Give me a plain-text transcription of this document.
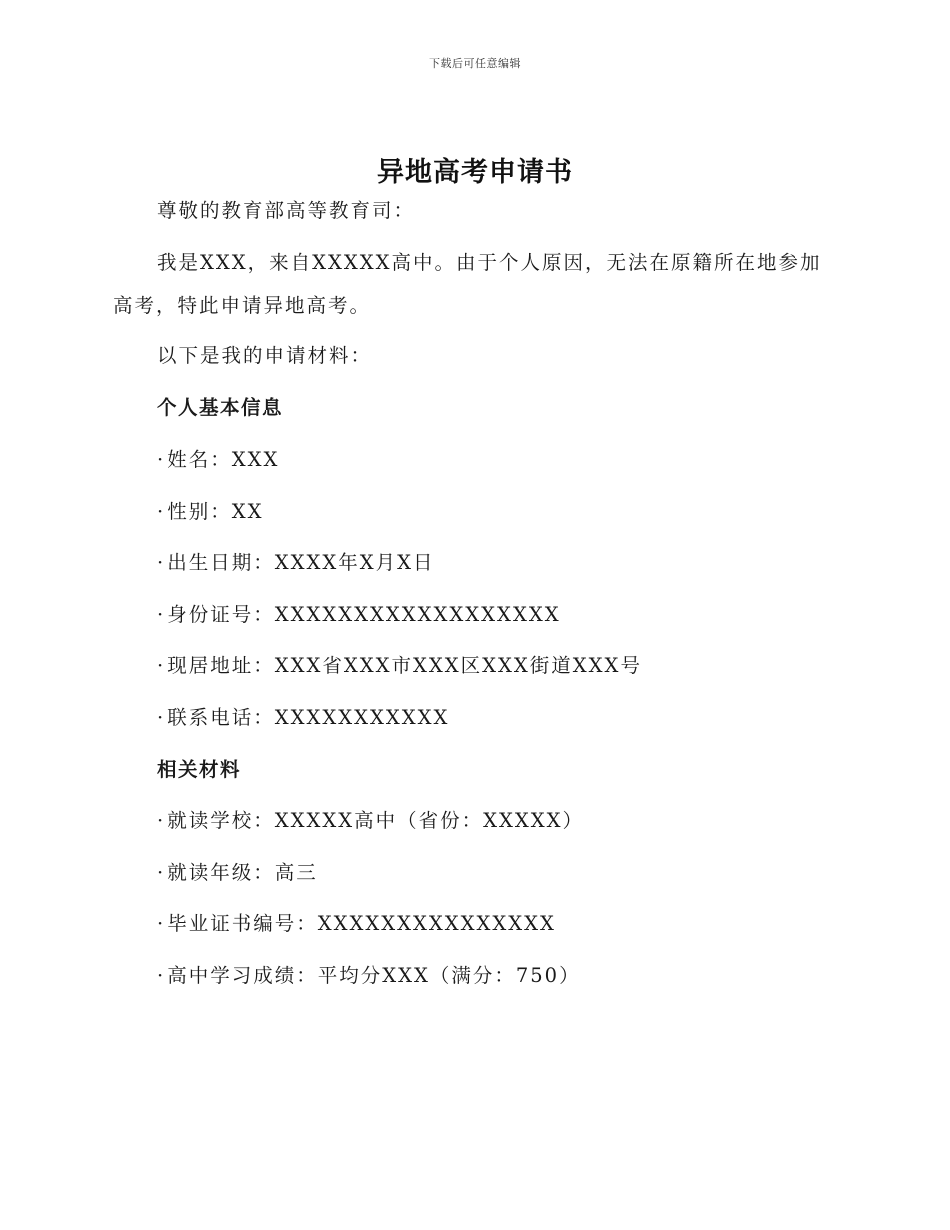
下载后可任意编辑
异地高考申请书
尊敬的教育部高等教育司：
我是XXX，来自XXXXX高中。由于个人原因，无法在原籍所在地参加
高考，特此申请异地高考。
以下是我的申请材料：
个人基本信息
· 姓名：XXX
· 性别：XX
· 出生日期：XXXX年X月X日
· 身份证号：XXXXXXXXXXXXXXXXXX
· 现居地址：XXX省XXX市XXX区XXX街道XXX号
· 联系电话：XXXXXXXXXXX
相关材料
· 就读学校：XXXXX高中（省份：XXXXX）
· 就读年级：高三
· 毕业证书编号：XXXXXXXXXXXXXXX
· 高中学习成绩：平均分XXX（满分：750）
